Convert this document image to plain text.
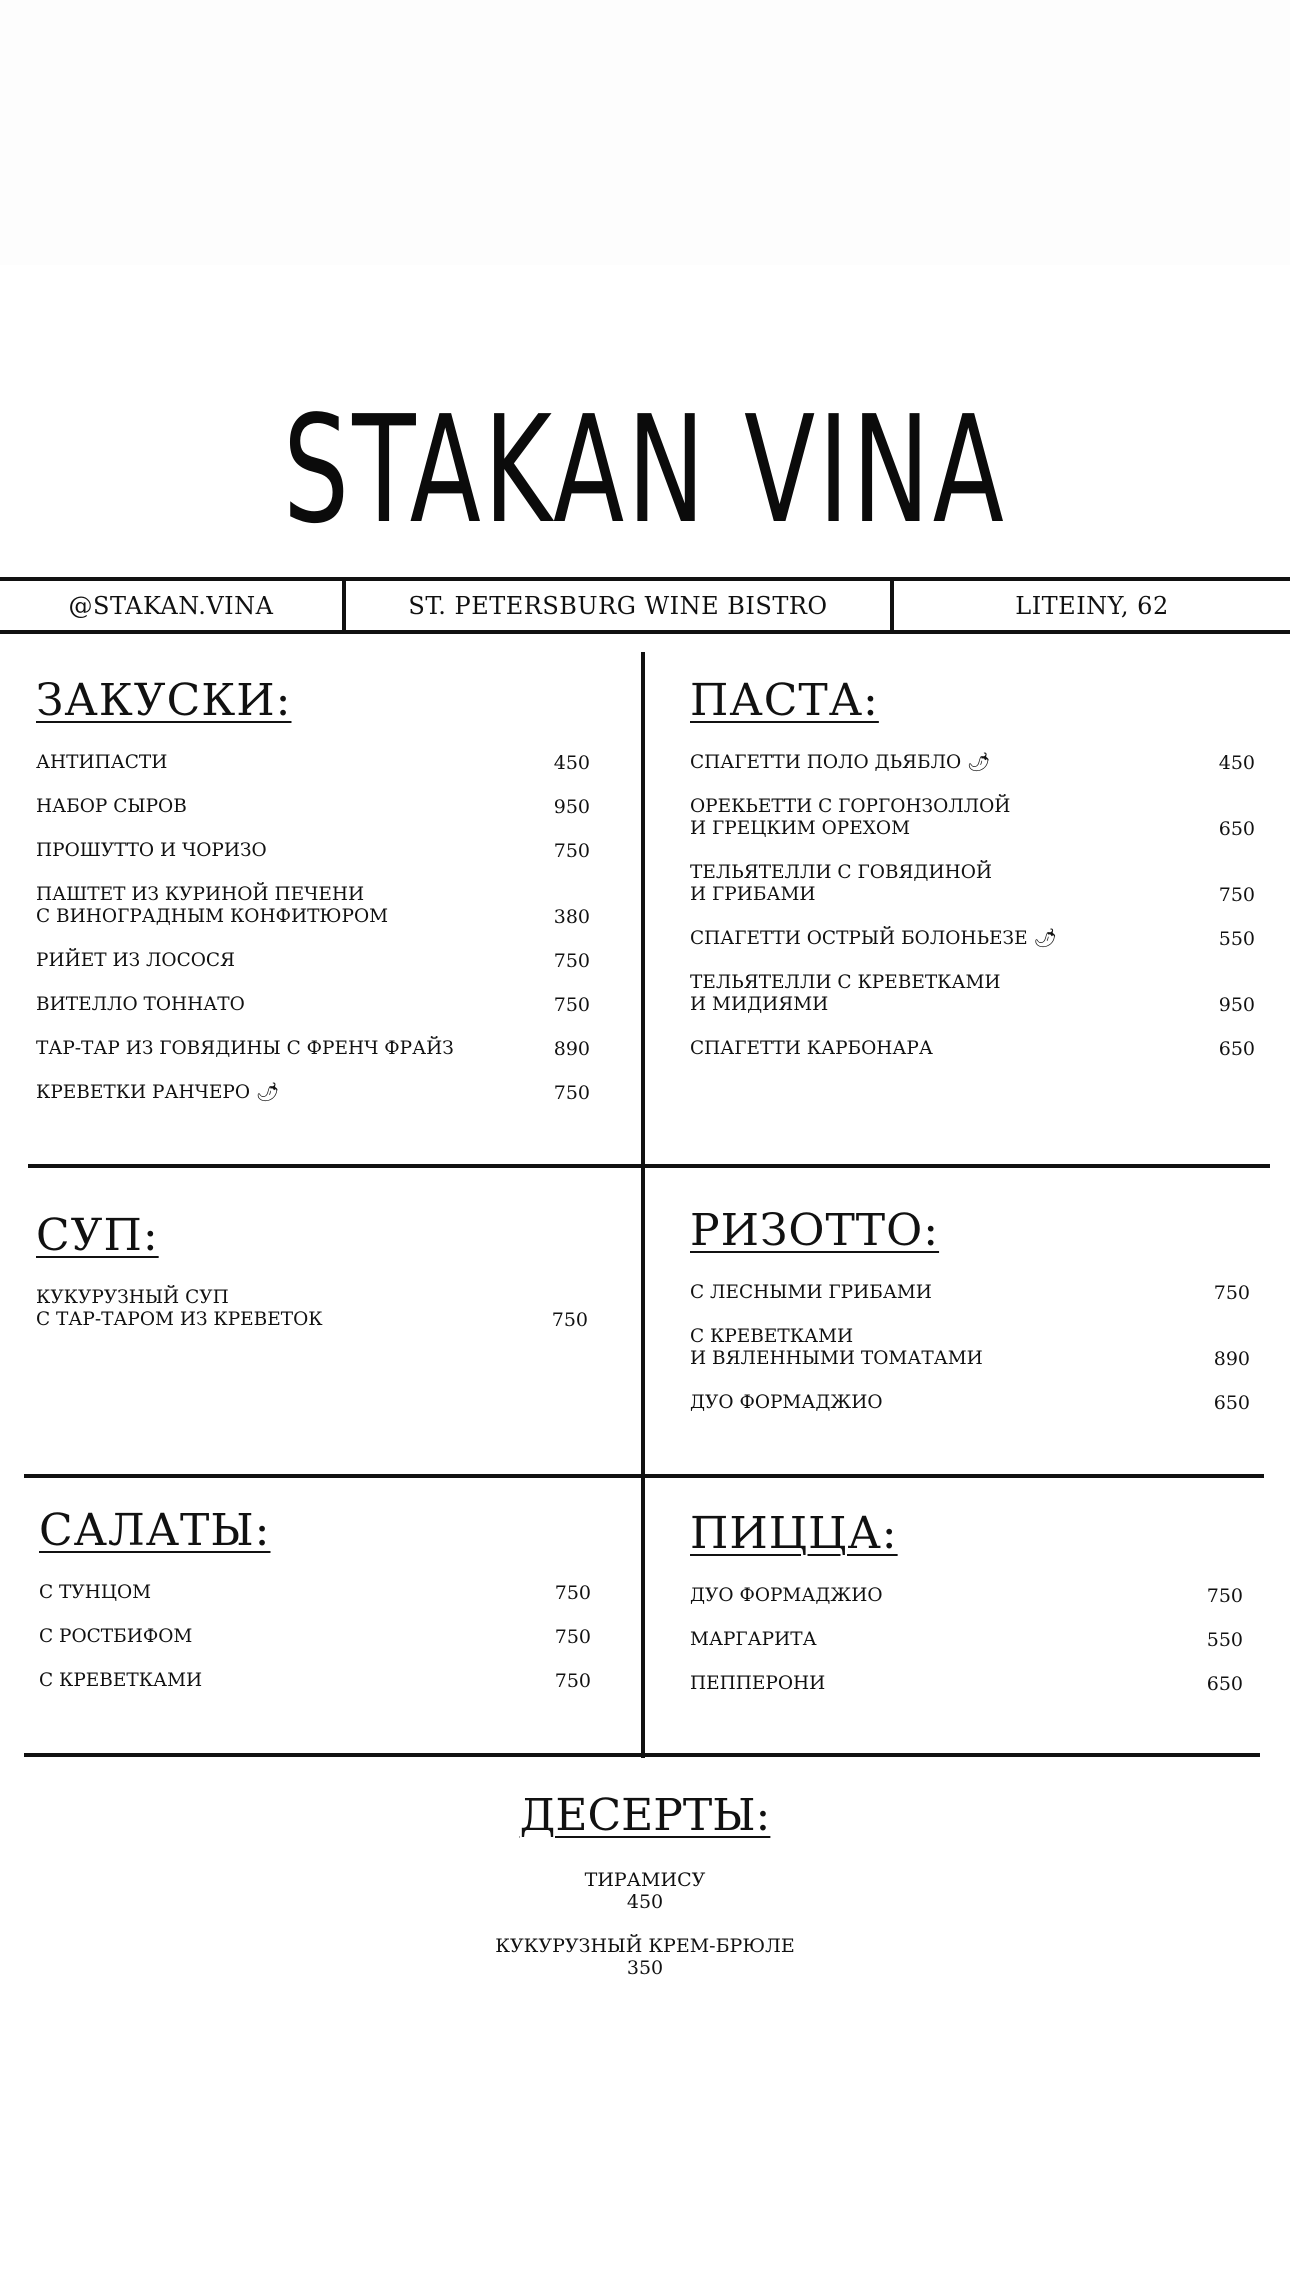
STAKAN VINA
@STAKAN.VINA	ST. PETERSBURG WINE BISTRO	LITEINY, 62
ЗАКУСКИ:
АНТИПАСТИ	450
НАБОР СЫРОВ	950
ПРОШУТТО И ЧОРИЗО	750
ПАШТЕТ ИЗ КУРИНОЙ ПЕЧЕНИ
С ВИНОГРАДНЫМ КОНФИТЮРОМ	380
РИЙЕТ ИЗ ЛОСОСЯ	750
ВИТЕЛЛО ТОННАТО	750
ТАР-ТАР ИЗ ГОВЯДИНЫ С ФРЕНЧ ФРАЙЗ	890
КРЕВЕТКИ РАНЧЕРО 🌶	750
ПАСТА:
СПАГЕТТИ ПОЛО ДЬЯБЛО 🌶	450
ОРЕКЬЕТТИ С ГОРГОНЗОЛЛОЙ
И ГРЕЦКИМ ОРЕХОМ	650
ТЕЛЬЯТЕЛЛИ С ГОВЯДИНОЙ
И ГРИБАМИ	750
СПАГЕТТИ ОСТРЫЙ БОЛОНЬЕЗЕ 🌶	550
ТЕЛЬЯТЕЛЛИ С КРЕВЕТКАМИ
И МИДИЯМИ	950
СПАГЕТТИ КАРБОНАРА	650
СУП:
КУКУРУЗНЫЙ СУП
С ТАР-ТАРОМ ИЗ КРЕВЕТОК	750
РИЗОТТО:
С ЛЕСНЫМИ ГРИБАМИ	750
С КРЕВЕТКАМИ
И ВЯЛЕННЫМИ ТОМАТАМИ	890
ДУО ФОРМАДЖИО	650
САЛАТЫ:
С ТУНЦОМ	750
С РОСТБИФОМ	750
С КРЕВЕТКАМИ	750
ПИЦЦА:
ДУО ФОРМАДЖИО	750
МАРГАРИТА	550
ПЕППЕРОНИ	650
ДЕСЕРТЫ:
ТИРАМИСУ
450
КУКУРУЗНЫЙ КРЕМ-БРЮЛЕ
350
